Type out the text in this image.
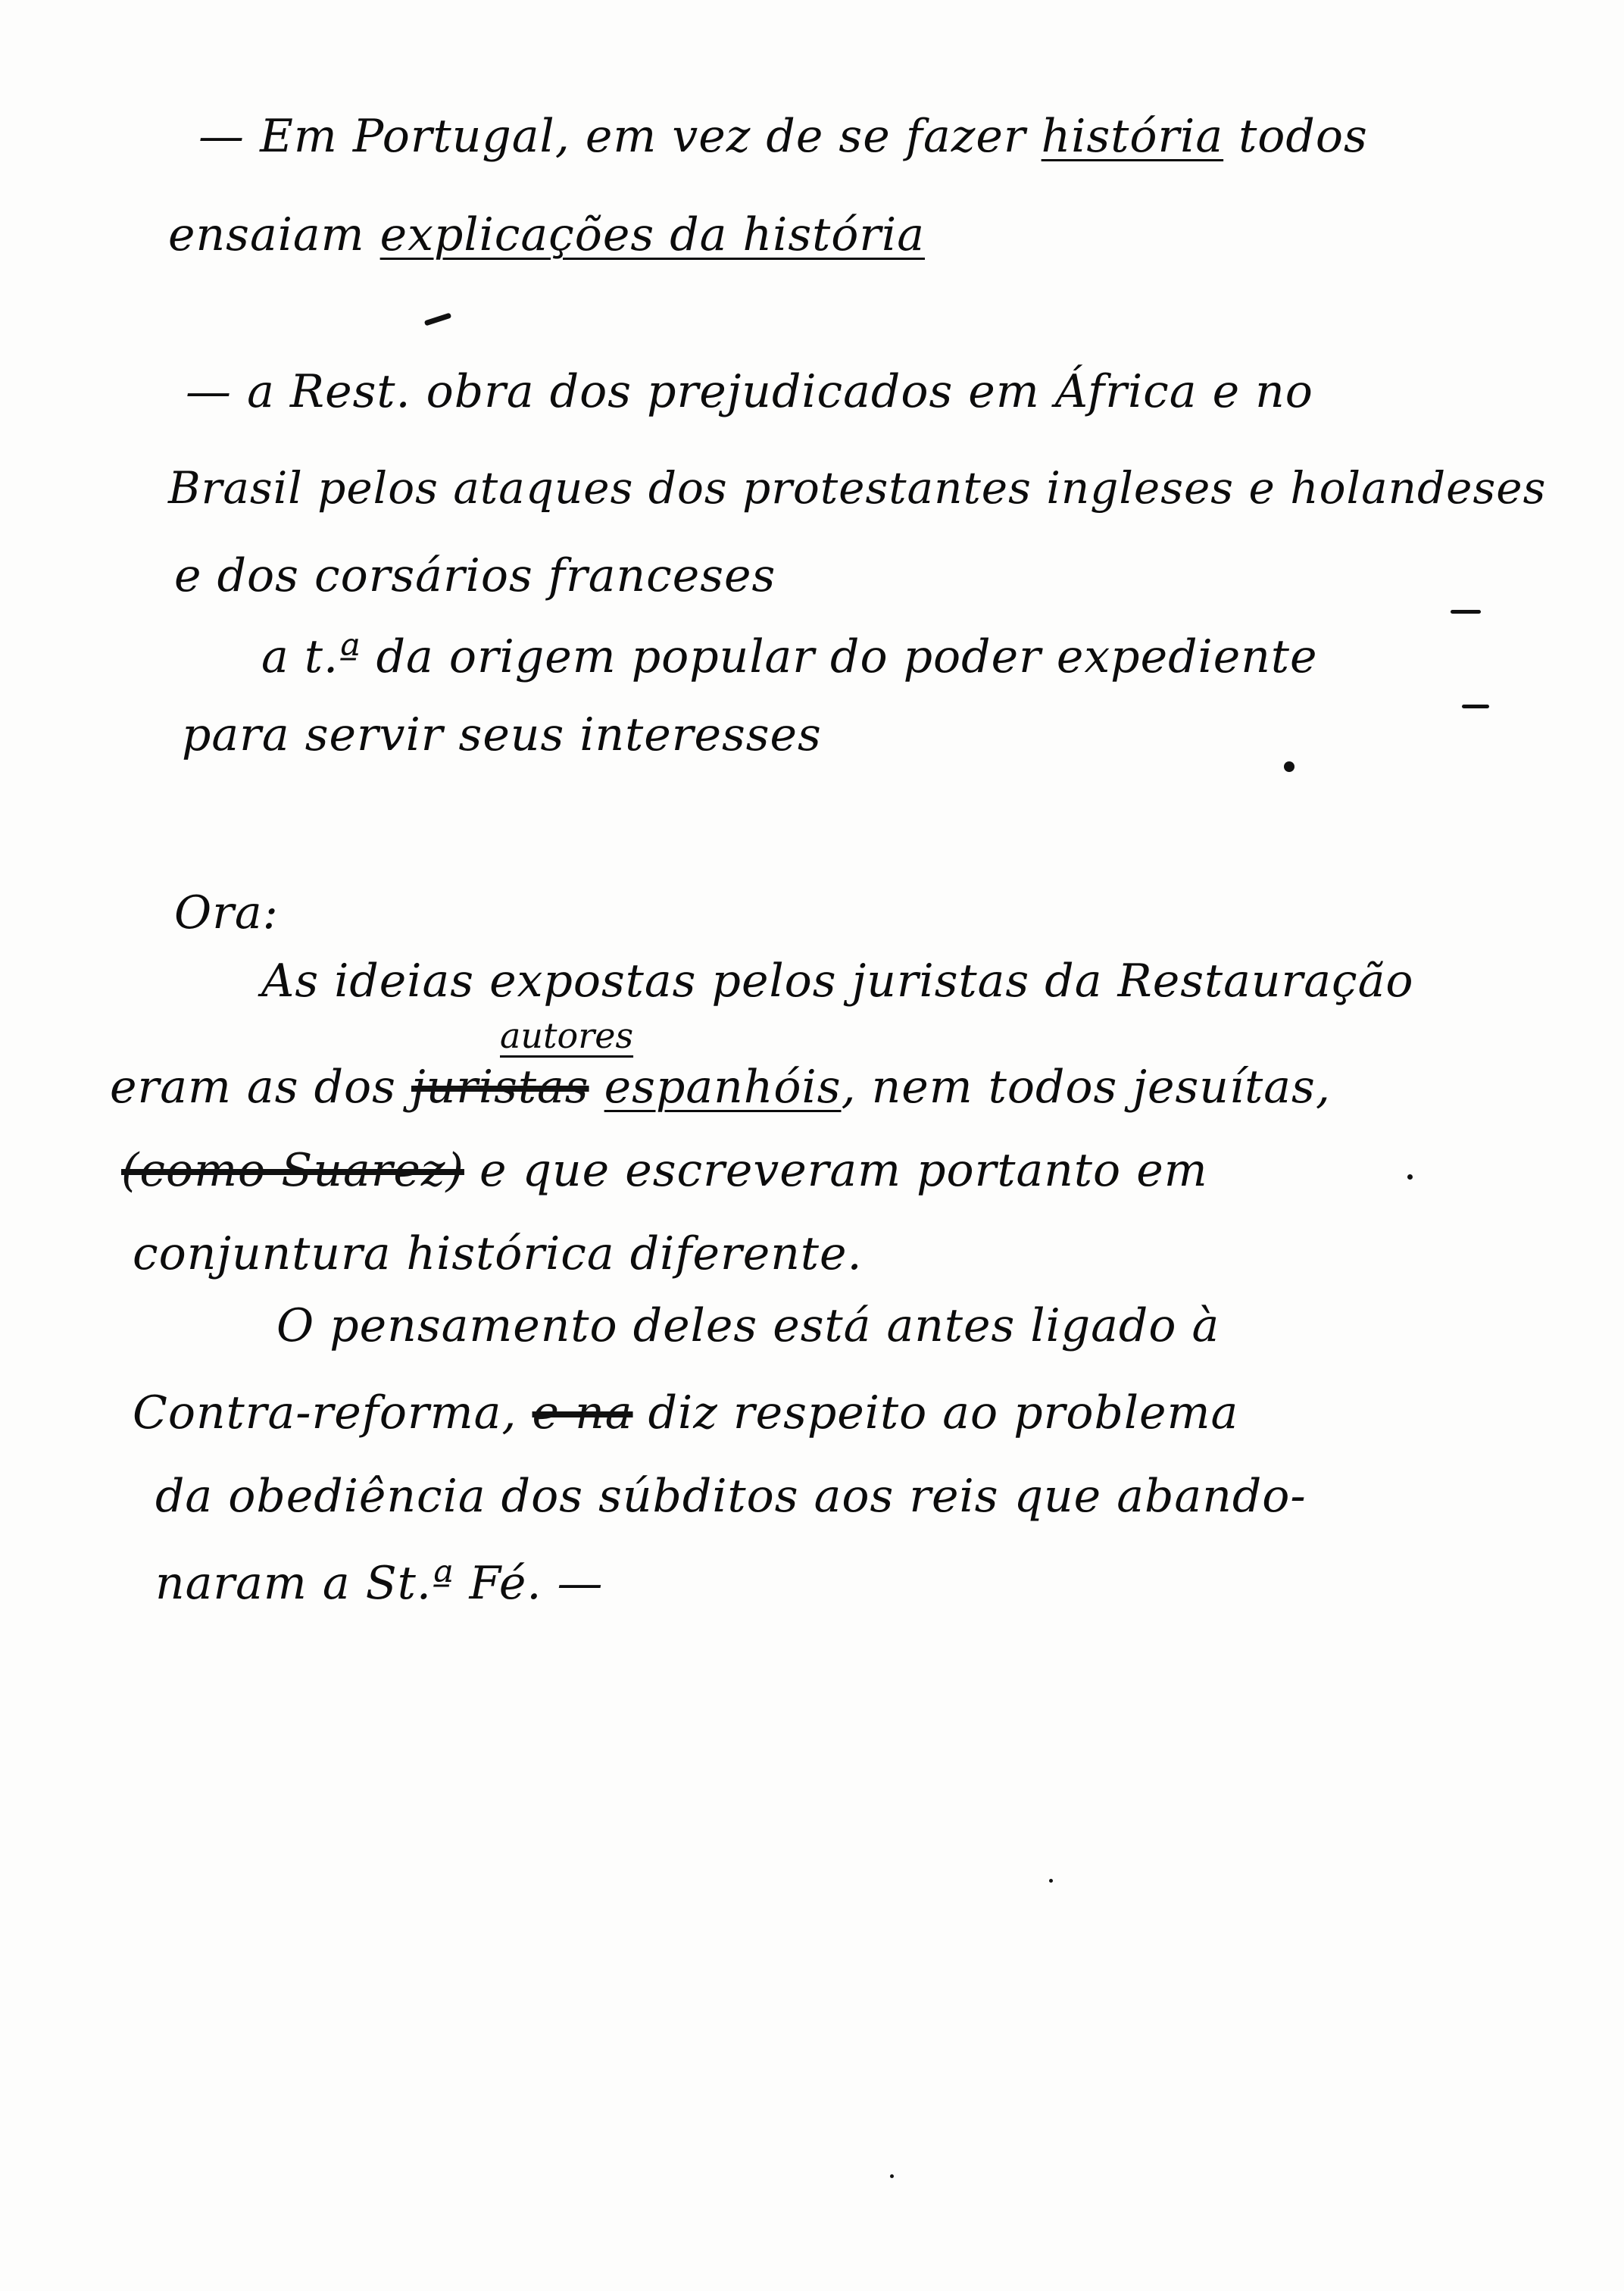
— Em Portugal, em vez de se fazer história todos
ensaiam explicações da história
— a Rest. obra dos prejudicados em África e no
Brasil pelos ataques dos protestantes ingleses e holandeses
e dos corsários franceses
a t.ª da origem popular do poder expediente
para servir seus interesses
Ora:
As ideias expostas pelos juristas da Restauração
autores
eram as dos juristas espanhóis, nem todos jesuítas,
(como Suarez) e que escreveram portanto em
conjuntura histórica diferente.
O pensamento deles está antes ligado à
Contra-reforma, e na diz respeito ao problema
da obediência dos súbditos aos reis que abando-
naram a St.ª Fé. —
